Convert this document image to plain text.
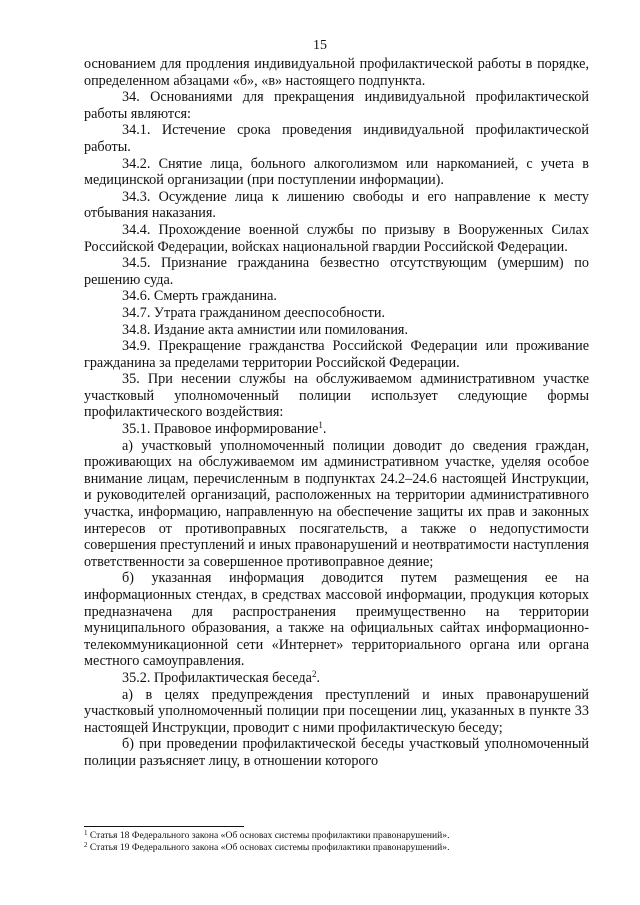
15

основанием для продления индивидуальной профилактической работы в порядке, определенном абзацами «б», «в» настоящего подпункта.

34. Основаниями для прекращения индивидуальной профилактической работы являются:

34.1. Истечение срока проведения индивидуальной профилактической работы.

34.2. Снятие лица, больного алкоголизмом или наркоманией, с учета в медицинской организации (при поступлении информации).

34.3. Осуждение лица к лишению свободы и его направление к месту отбывания наказания.

34.4. Прохождение военной службы по призыву в Вооруженных Силах Российской Федерации, войсках национальной гвардии Российской Федерации.

34.5. Признание гражданина безвестно отсутствующим (умершим) по решению суда.

34.6. Смерть гражданина.

34.7. Утрата гражданином дееспособности.

34.8. Издание акта амнистии или помилования.

34.9. Прекращение гражданства Российской Федерации или проживание гражданина за пределами территории Российской Федерации.

35. При несении службы на обслуживаемом административном участке участковый уполномоченный полиции использует следующие формы профилактического воздействия:

35.1. Правовое информирование$^1$.

а) участковый уполномоченный полиции доводит до сведения граждан, проживающих на обслуживаемом им административном участке, уделяя особое внимание лицам, перечисленным в подпунктах 24.2–24.6 настоящей Инструкции, и руководителей организаций, расположенных на территории административного участка, информацию, направленную на обеспечение защиты их прав и законных интересов от противоправных посягательств, а также о недопустимости совершения преступлений и иных правонарушений и неотвратимости наступления ответственности за совершенное противоправное деяние;

б) указанная информация доводится путем размещения ее на информационных стендах, в средствах массовой информации, продукция которых предназначена для распространения преимущественно на территории муниципального образования, а также на официальных сайтах информационно-телекоммуникационной сети «Интернет» территориального органа или органа местного самоуправления.

35.2. Профилактическая беседа$^2$.

а) в целях предупреждения преступлений и иных правонарушений участковый уполномоченный полиции при посещении лиц, указанных в пункте 33 настоящей Инструкции, проводит с ними профилактическую беседу;

б) при проведении профилактической беседы участковый уполномоченный полиции разъясняет лицу, в отношении которого

$^1$ Статья 18 Федерального закона «Об основах системы профилактики правонарушений».

$^2$ Статья 19 Федерального закона «Об основах системы профилактики правонарушений».
